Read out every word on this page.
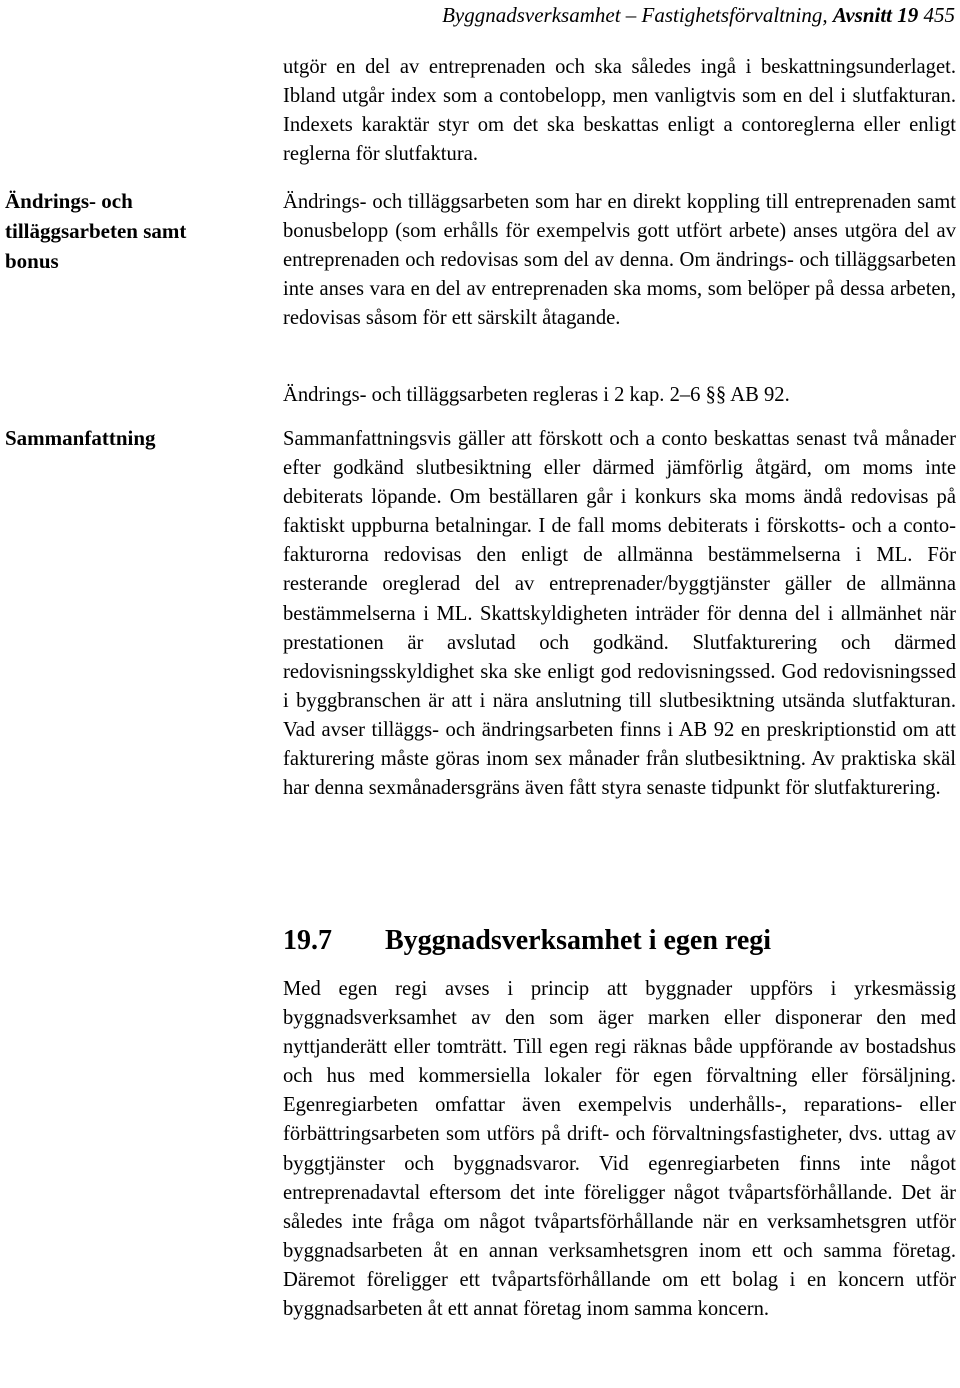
Byggnadsverksamhet – Fastighetsförvaltning, Avsnitt 19 455
Ändrings- och tilläggsarbeten samt bonus
Sammanfattning

utgör en del av entreprenaden och ska således ingå i beskattningsunderlaget. Ibland utgår index som a contobelopp, men vanligtvis som en del i slutfakturan. Indexets karaktär styr om det ska beskattas enligt a contoreglerna eller enligt reglerna för slutfaktura.

Ändrings- och tilläggsarbeten som har en direkt koppling till entreprenaden samt bonusbelopp (som erhålls för exempelvis gott utfört arbete) anses utgöra del av entreprenaden och redovisas som del av denna. Om ändrings- och tilläggsarbeten inte anses vara en del av entreprenaden ska moms, som belöper på dessa arbeten, redovisas såsom för ett särskilt åtagande.

Ändrings- och tilläggsarbeten regleras i 2 kap. 2–6 §§ AB 92.

Sammanfattningsvis gäller att förskott och a conto beskattas senast två månader efter godkänd slutbesiktning eller därmed jämförlig åtgärd, om moms inte debiterats löpande. Om beställaren går i konkurs ska moms ändå redovisas på faktiskt uppburna betalningar. I de fall moms debiterats i förskotts- och a contofakturorna redovisas den enligt de allmänna bestämmelserna i ML. För resterande oreglerad del av entreprenader/byggtjänster gäller de allmänna bestämmelserna i ML. Skattskyldigheten inträder för denna del i allmänhet när prestationen är avslutad och godkänd. Slutfakturering och därmed redovisningsskyldighet ska ske enligt god redovisningssed. God redovisningssed i byggbranschen är att i nära anslutning till slutbesiktning utsända slutfakturan. Vad avser tilläggs- och ändringsarbeten finns i AB 92 en preskriptionstid om att fakturering måste göras inom sex månader från slutbesiktning. Av praktiska skäl har denna sexmånadersgräns även fått styra senaste tidpunkt för slutfakturering.

19.7 Byggnadsverksamhet i egen regi

Med egen regi avses i princip att byggnader uppförs i yrkesmässig byggnadsverksamhet av den som äger marken eller disponerar den med nyttjanderätt eller tomträtt. Till egen regi räknas både uppförande av bostadshus och hus med kommersiella lokaler för egen förvaltning eller försäljning. Egenregiarbeten omfattar även exempelvis underhålls-, reparations- eller förbättringsarbeten som utförs på drift- och förvaltningsfastigheter, dvs. uttag av byggtjänster och byggnadsvaror. Vid egenregiarbeten finns inte något entreprenadavtal eftersom det inte föreligger något tvåpartsförhållande. Det är således inte fråga om något tvåpartsförhållande när en verksamhetsgren utför byggnadsarbeten åt en annan verksamhetsgren inom ett och samma företag. Däremot föreligger ett tvåpartsförhållande om ett bolag i en koncern utför byggnadsarbeten åt ett annat företag inom samma koncern.
